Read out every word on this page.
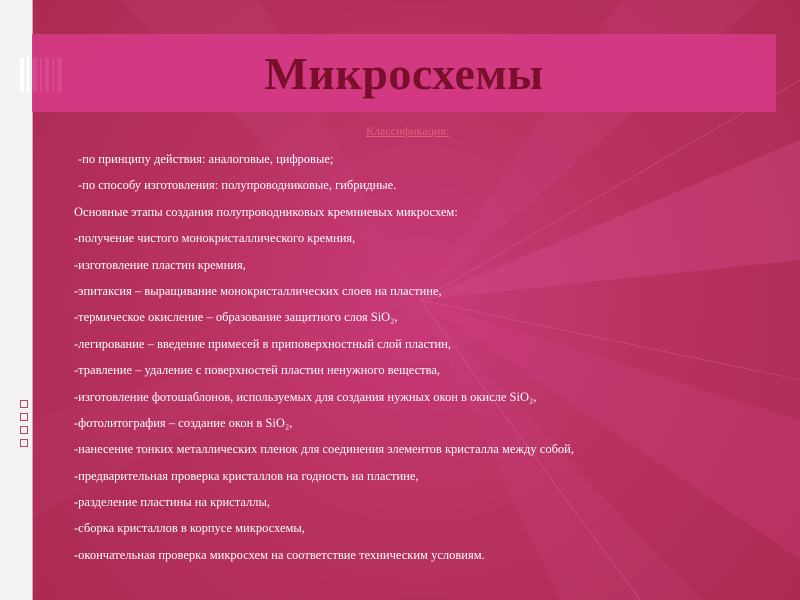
Микросхемы
Классификация:
-по принципу действия: аналоговые, цифровые;
-по способу изготовления: полупроводниковые, гибридные.
Основные этапы создания полупроводниковых кремниевых микросхем:
-получение чистого монокристаллического кремния,
-изготовление пластин кремния,
-эпитаксия – выращивание монокристаллических слоев на пластине,
-термическое окисление – образование защитного слоя SiO₂,
-легирование – введение примесей в приповерхностный слой пластин,
-травление – удаление с поверхностей пластин ненужного вещества,
-изготовление фотошаблонов, используемых для создания нужных окон в окисле SiO₂,
-фотолитография – создание окон в SiO₂,
-нанесение тонких металлических пленок для соединения элементов кристалла между собой,
-предварительная проверка кристаллов на годность на пластине,
-разделение пластины на кристаллы,
-сборка кристаллов в корпусе микросхемы,
-окончательная проверка микросхем на соответствие техническим условиям.
